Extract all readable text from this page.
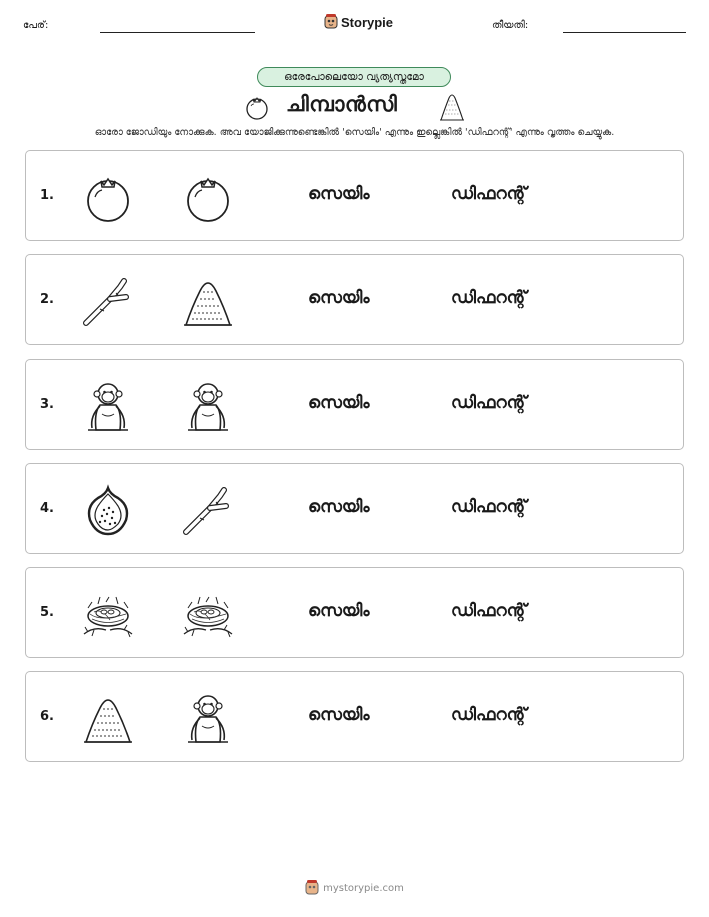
പേര്:	Storypie	തീയതി:
ഒരേപോലെയോ വ്യത്യസ്തമോ
ചിമ്പാൻസി
ഓരോ ജോഡിയും നോക്കുക. അവ യോജിക്കുന്നുണ്ടെങ്കിൽ 'സെയിം' എന്നും ഇല്ലെങ്കിൽ 'ഡിഫറന്റ്' എന്നും വൃത്തം ചെയ്യുക.
1.	സെയിം	ഡിഫറന്റ്
2.	സെയിം	ഡിഫറന്റ്
3.	സെയിം	ഡിഫറന്റ്
4.	സെയിം	ഡിഫറന്റ്
5.	സെയിം	ഡിഫറന്റ്
6.	സെയിം	ഡിഫറന്റ്
mystorypie.com
